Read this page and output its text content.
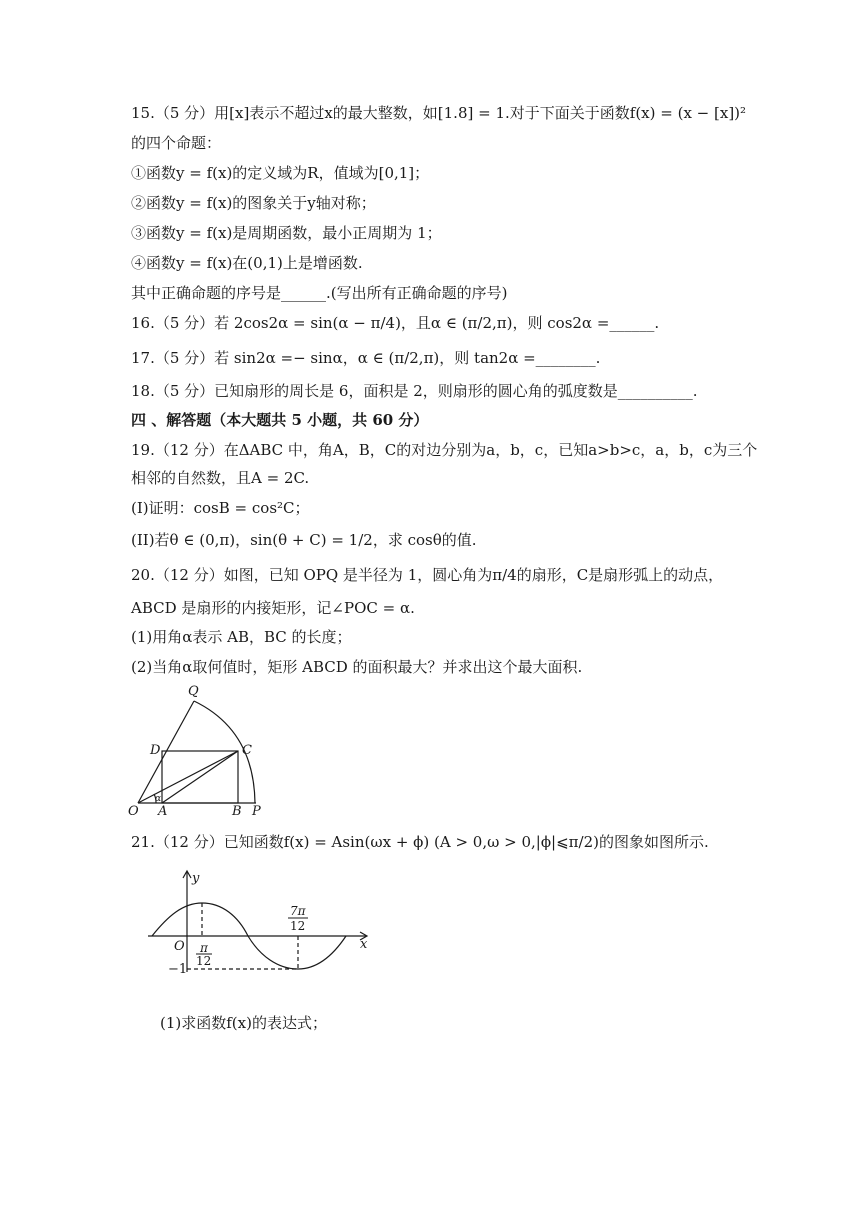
15.（5 分）用[x]表示不超过x的最大整数，如[1.8] = 1.对于下面关于函数f(x) = (x − [x])²
的四个命题：
①函数y = f(x)的定义域为R，值域为[0,1]；
②函数y = f(x)的图象关于y轴对称；
③函数y = f(x)是周期函数，最小正周期为 1；
④函数y = f(x)在(0,1)上是增函数.
其中正确命题的序号是______.(写出所有正确命题的序号)
16.（5 分）若 2cos2α = sin(α − π/4)，且α ∈ (π/2,π)，则 cos2α =______.
17.（5 分）若 sin2α =− sinα，α ∈ (π/2,π)，则 tan2α =________.
18.（5 分）已知扇形的周长是 6，面积是 2，则扇形的圆心角的弧度数是__________.
四 、解答题（本大题共 5 小题，共 60 分）
19.（12 分）在ΔABC 中，角A，B，C的对边分别为a，b，c，已知a>b>c，a，b，c为三个
相邻的自然数，且A = 2C.
(I)证明：cosB = cos²C；
(II)若θ ∈ (0,π)，sin(θ + C) = 1/2，求 cosθ的值.
20.（12 分）如图，已知 OPQ 是半径为 1，圆心角为π/4的扇形，C是扇形弧上的动点，
ABCD 是扇形的内接矩形，记∠POC = α.
(1)用角α表示 AB，BC 的长度；
(2)当角α取何值时，矩形 ABCD 的面积最大？并求出这个最大面积.
O A	B P
Q
C
D
α
21.（12 分）已知函数f(x) = Asin(ωx + ϕ) (A > 0,ω > 0,|ϕ|⩽π/2)的图象如图所示.
y
x
O
−1
π
12
7π
12
(1)求函数f(x)的表达式；
